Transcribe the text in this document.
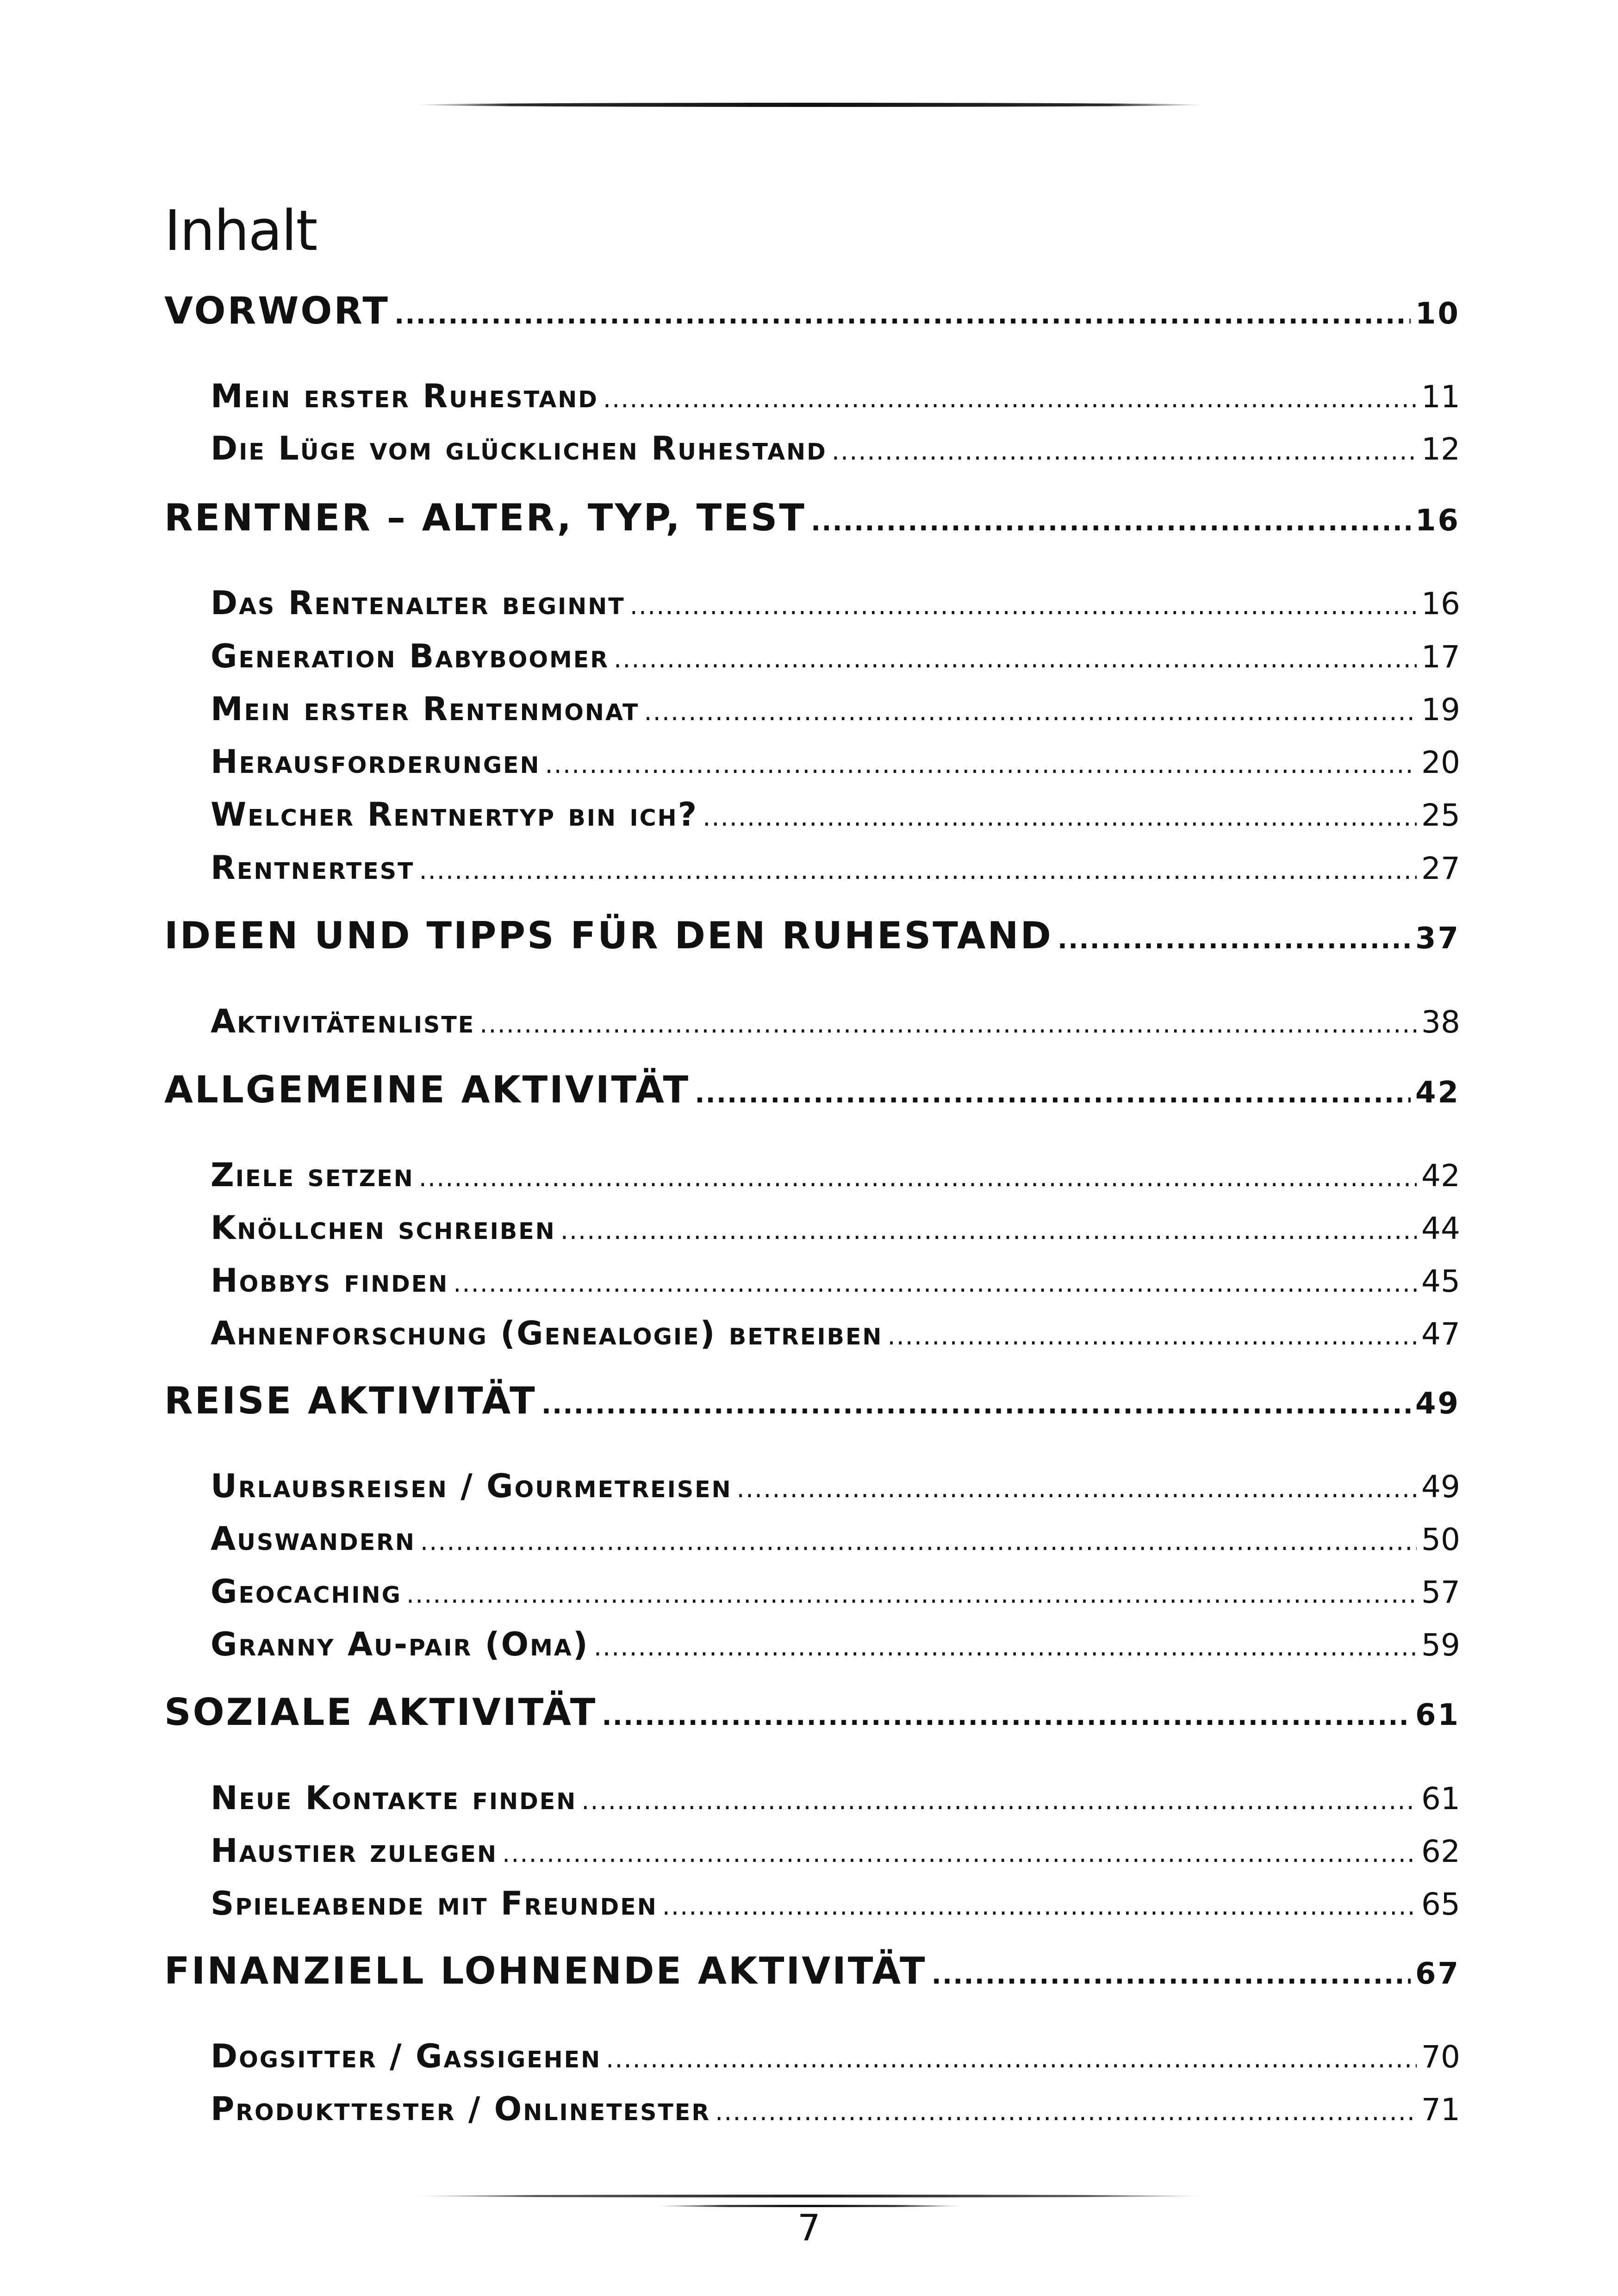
Inhalt
VORWORT .....	10
Mein erster Ruhestand .....	11
Die Lüge vom glücklichen Ruhestand .....	12
RENTNER – ALTER, TYP, TEST .....	16
Das Rentenalter beginnt .....	16
Generation Babyboomer .....	17
Mein erster Rentenmonat .....	19
Herausforderungen .....	20
Welcher Rentnertyp bin ich? .....	25
Rentnertest .....	27
IDEEN UND TIPPS FÜR DEN RUHESTAND .....	37
Aktivitätenliste .....	38
ALLGEMEINE AKTIVITÄT .....	42
Ziele setzen .....	42
Knöllchen schreiben .....	44
Hobbys finden .....	45
Ahnenforschung (Genealogie) betreiben .....	47
REISE AKTIVITÄT .....	49
Urlaubsreisen / Gourmetreisen .....	49
Auswandern .....	50
Geocaching .....	57
Granny Au-pair (Oma) .....	59
SOZIALE AKTIVITÄT .....	61
Neue Kontakte finden .....	61
Haustier zulegen .....	62
Spieleabende mit Freunden .....	65
FINANZIELL LOHNENDE AKTIVITÄT .....	67
Dogsitter / Gassigehen .....	70
Produkttester / Onlinetester .....	71
7
